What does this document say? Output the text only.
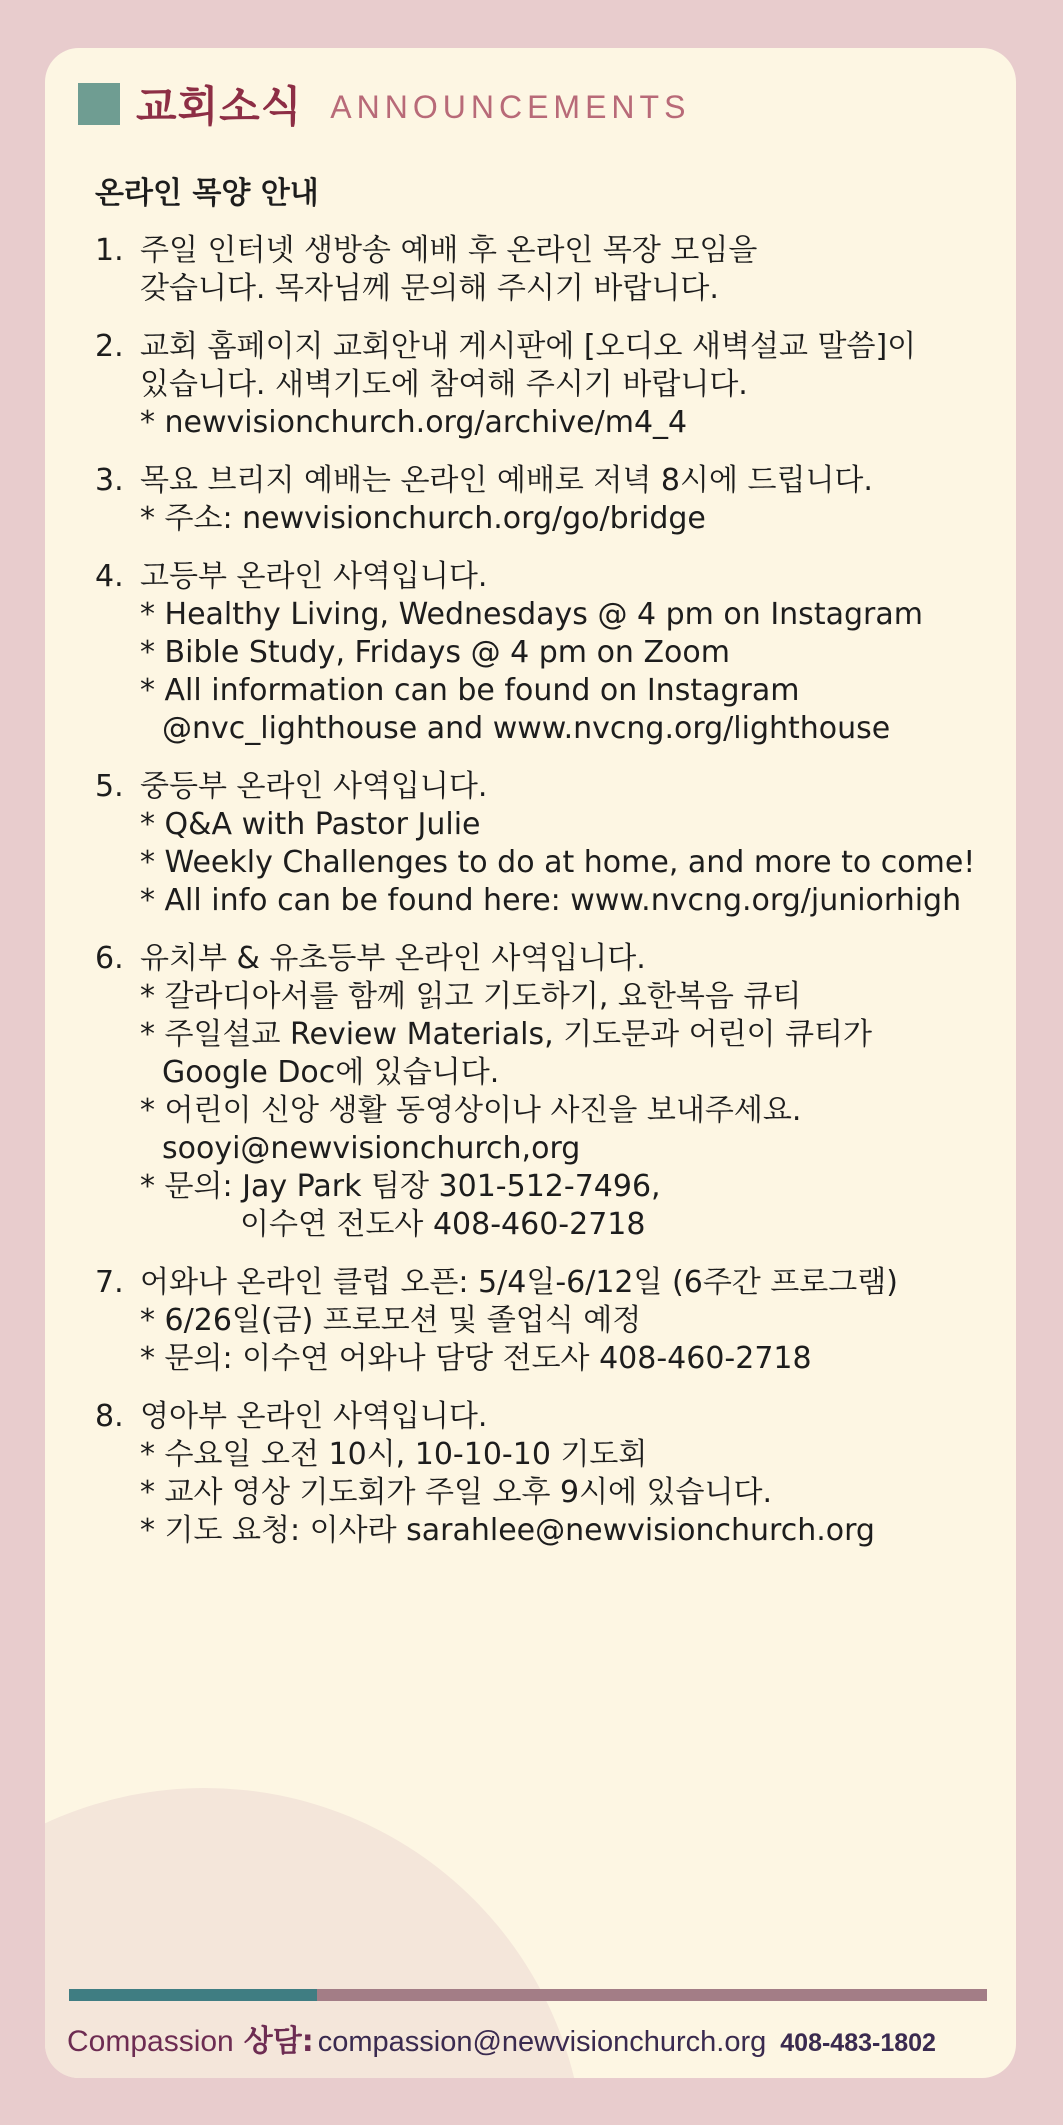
교회소식 ANNOUNCEMENTS
온라인 목양 안내
1. 주일 인터넷 생방송 예배 후 온라인 목장 모임을
갖습니다. 목자님께 문의해 주시기 바랍니다.
2. 교회 홈페이지 교회안내 게시판에 [오디오 새벽설교 말씀]이
있습니다. 새벽기도에 참여해 주시기 바랍니다.
* newvisionchurch.org/archive/m4_4
3. 목요 브리지 예배는 온라인 예배로 저녁 8시에 드립니다.
* 주소: newvisionchurch.org/go/bridge
4. 고등부 온라인 사역입니다.
* Healthy Living, Wednesdays @ 4 pm on Instagram
* Bible Study, Fridays @ 4 pm on Zoom
* All information can be found on Instagram
@nvc_lighthouse and www.nvcng.org/lighthouse
5. 중등부 온라인 사역입니다.
* Q&A with Pastor Julie
* Weekly Challenges to do at home, and more to come!
* All info can be found here: www.nvcng.org/juniorhigh
6. 유치부 & 유초등부 온라인 사역입니다.
* 갈라디아서를 함께 읽고 기도하기, 요한복음 큐티
* 주일설교 Review Materials, 기도문과 어린이 큐티가
Google Doc에 있습니다.
* 어린이 신앙 생활 동영상이나 사진을 보내주세요.
sooyi@newvisionchurch,org
* 문의: Jay Park 팀장 301-512-7496,
이수연 전도사 408-460-2718
7. 어와나 온라인 클럽 오픈: 5/4일-6/12일 (6주간 프로그램)
* 6/26일(금) 프로모션 및 졸업식 예정
* 문의: 이수연 어와나 담당 전도사 408-460-2718
8. 영아부 온라인 사역입니다.
* 수요일 오전 10시, 10-10-10 기도회
* 교사 영상 기도회가 주일 오후 9시에 있습니다.
* 기도 요청: 이사라 sarahlee@newvisionchurch.org
Compassion 상담: compassion@newvisionchurch.org 408-483-1802
